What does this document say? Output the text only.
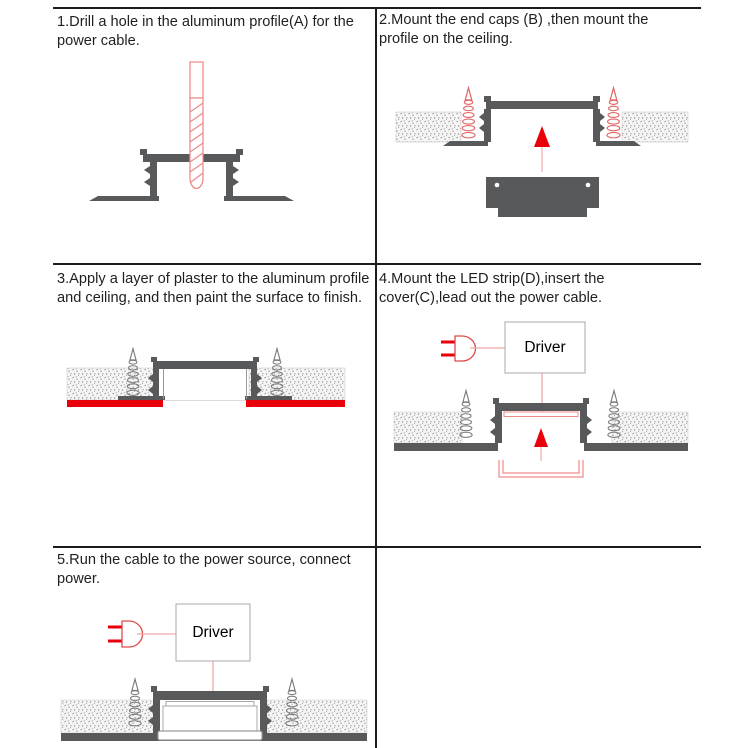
1.Drill a hole in the aluminum profile(A) for the
power cable.
2.Mount the end caps (B) ,then mount the
profile on the ceiling.
3.Apply a layer of plaster to the aluminum profile
and ceiling, and then paint the surface to finish.
4.Mount the LED strip(D),insert the
cover(C),lead out the power cable.
5.Run the cable to the power source, connect
power.
Driver
Driver
